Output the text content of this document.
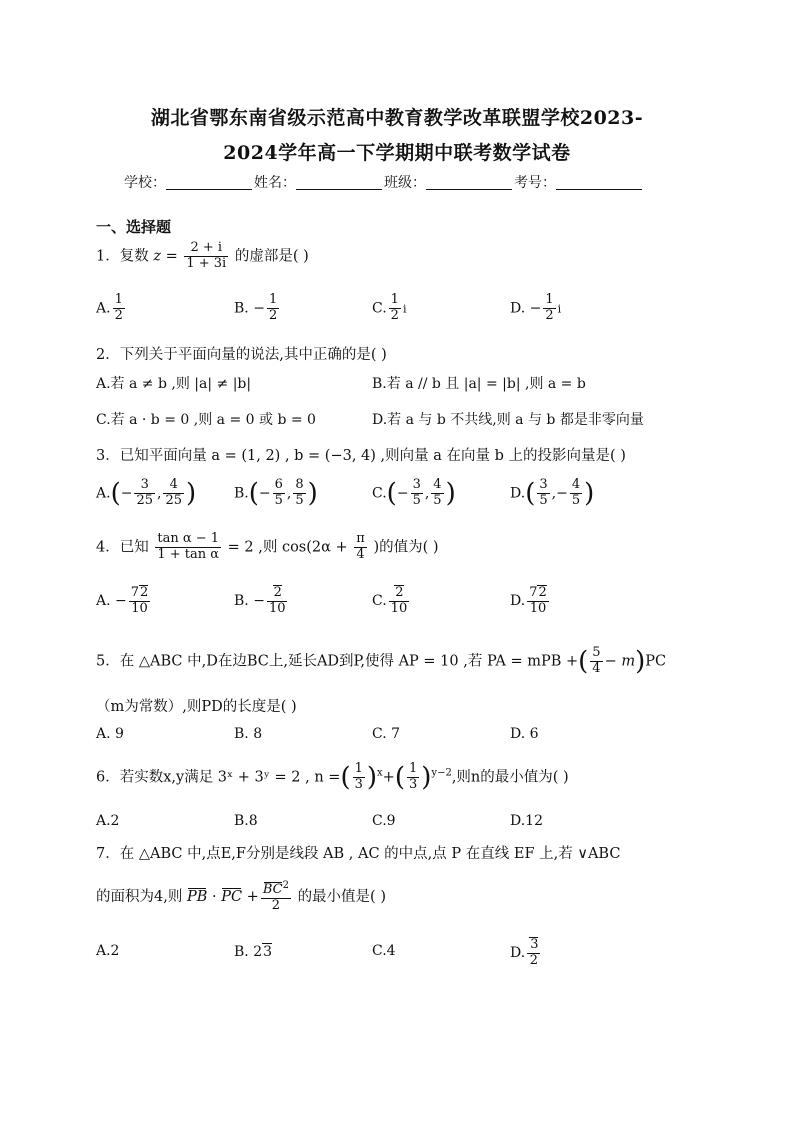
湖北省鄂东南省级示范高中教育教学改革联盟学校2023-
2024学年高一下学期期中联考数学试卷
学校：	姓名：	班级：	考号：
一、选择题
1．复数 $z = \frac{2 + i}{1 + 3i}$ 的虚部是( )
A. $\frac{1}{2}$	B. − $\frac{1}{2}$	C. $\frac{1}{2}$ i	D. − $\frac{1}{2}$ i
2．下列关于平面向量的说法,其中正确的是( )
A.若 a ≠ b ,则 |a| ≠ |b|	B.若 a // b 且 |a| = |b| ,则 a = b
C.若 a · b = 0 ,则 a = 0 或 b = 0	D.若 a 与 b 不共线,则 a 与 b 都是非零向量
3．已知平面向量 a = (1, 2) , b = (−3, 4) ,则向量 a 在向量 b 上的投影向量是( )
$A.(- \frac{3}{25}$ , $\frac{4}{25}$ )	$B.(- \frac{6}{5}$ , $\frac{8}{5}$ )	$C.(- \frac{3}{5}$ , $\frac{4}{5}$ )	$D.( \frac{3}{5}$ ,− $\frac{4}{5}$ )
4．已知 $\frac{\text{tan α − 1}}{\text{1 + tan α}} = 2$ ,则 $\cos(2\alpha + \frac{\pi}{4}$ )的值为( )
A. − $\frac{72}{10}$	B. − $\frac{2}{10}$	C. $\frac{2}{10}$	D. $\frac{72}{10}$
5．在 △ABC 中,D在边BC上,延长AD到P,使得 AP = 10 ,若 PA = mPB +( $\frac{5}{4} - m)PC$
（m为常数）,则PD的长度是( )
A. 9	B. 8	C. 7	D. 6
6．若实数x,y满足 3ˣ + 3ʸ = 2 , n =( $\frac{1}{3} )^x+( \frac{1}{3} )^{y-2}$,则n的最小值为( )
A.2	B.8	C.9	D.12
7．在 △ABC 中,点E,F分别是线段 AB , AC 的中点,点 P 在直线 EF 上,若 ∨ABC
的面积为4,则 PB · PC + $\frac{BC^2}{2}$ 的最小值是( )
A.2	B. 23	C.4	D. $\frac{3}{2}$
